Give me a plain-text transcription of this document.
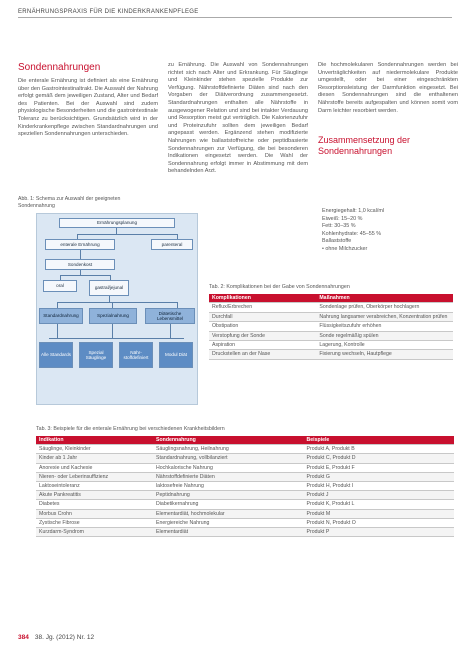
ERNÄHRUNGSPRAXIS FÜR DIE KINDERKRANKENPFLEGE
Sondennahrungen

Die enterale Ernährung ist definiert als eine Ernährung über den Gastrointestinaltrakt. Die Auswahl der Nahrung erfolgt gemäß dem jeweiligen Zustand, Alter und Bedarf des Patienten. Bei der Auswahl sind zudem physiologische Besonderheiten und die gastrointestinale Toleranz zu berücksichtigen. Grundsätzlich wird in der Kinderkrankenpflege zwischen Standardnahrungen und speziellen Sondennahrungen unterschieden.

zu Ernährung. Die Auswahl von Sondennahrungen richtet sich nach Alter und Erkrankung. Für Säuglinge und Kleinkinder stehen spezielle Produkte zur Verfügung. Nährstoffdefinierte Diäten sind nach den Vorgaben der Diätverordnung zusammengesetzt. Standardnahrungen enthalten alle Nährstoffe in ausgewogener Relation und sind bei intakter Verdauung und Resorption meist gut verträglich. Die Kalorienzufuhr und Proteinzufuhr sollten dem jeweiligen Bedarf angepasst werden. Ergänzend stehen modifizierte Nahrungen wie ballaststoffreiche oder peptidbasierte Sondennahrungen zur Verfügung, die bei besonderen Indikationen eingesetzt werden. Die Wahl der Sondennahrung erfolgt immer in Abstimmung mit dem behandelnden Arzt.

Die hochmolekularen Sondennahrungen werden bei Unverträglichkeiten auf niedermolekulare Produkte umgestellt, oder bei einer eingeschränkten Resorptionsleistung der Darmfunktion eingesetzt. Bei diesen Sondennahrungen sind die enthaltenen Nährstoffe bereits aufgespalten und können somit vom Darm leichter resorbiert werden.

Zusammensetzung der Sondennahrungen
Energiegehalt: 1,0 kcal/ml
Eiweiß: 15–20 %
Fett: 30–35 %
Kohlenhydrate: 45–55 %
Ballaststoffe
• ohne Milchzucker
Abb. 1: Schema zur Auswahl der geeigneten Sondennahrung
Ernährungsplanung
enterale Ernährung	parenteral
Sondenkost
oral	gastral/jejunal
Standardnahrung	Spezialnahrung
Diätetische Lebensmittel
Alle Standards
Spezial Säuglinge
Nähr-stoffdefiniert
Modul Diät
Tab. 2: Komplikationen bei der Gabe von Sondennahrungen
Komplikationen	Maßnahmen
Reflux/Erbrechen	Sondenlage prüfen, Oberkörper hochlagern
Durchfall	Nahrung langsamer verabreichen, Konzentration prüfen
Obstipation	Flüssigkeitszufuhr erhöhen
Verstopfung der Sonde	Sonde regelmäßig spülen
Aspiration	Lagerung, Kontrolle
Druckstellen an der Nase	Fixierung wechseln, Hautpflege
Tab. 3: Beispiele für die enterale Ernährung bei verschiedenen Krankheitsbildern
Indikation	Sondennahrung	Beispiele
Säuglinge, Kleinkinder	Säuglingsnahrung, Heilnahrung	Produkt A, Produkt B
Kinder ab 1 Jahr	Standardnahrung, vollbilanziert	Produkt C, Produkt D
Anorexie und Kachexie	Hochkalorische Nahrung	Produkt E, Produkt F
Nieren- oder Leberinsuffizienz	Nährstoffdefinierte Diäten	Produkt G
Laktoseintoleranz	laktosefreie Nahrung	Produkt H, Produkt I
Akute Pankreatitis	Peptidnahrung	Produkt J
Diabetes	Diabetikernahrung	Produkt K, Produkt L
Morbus Crohn	Elementardiät, hochmolekular	Produkt M
Zystische Fibrose	Energiereiche Nahrung	Produkt N, Produkt O
Kurzdarm-Syndrom	Elementardiät	Produkt P
384 38. Jg. (2012) Nr. 12
